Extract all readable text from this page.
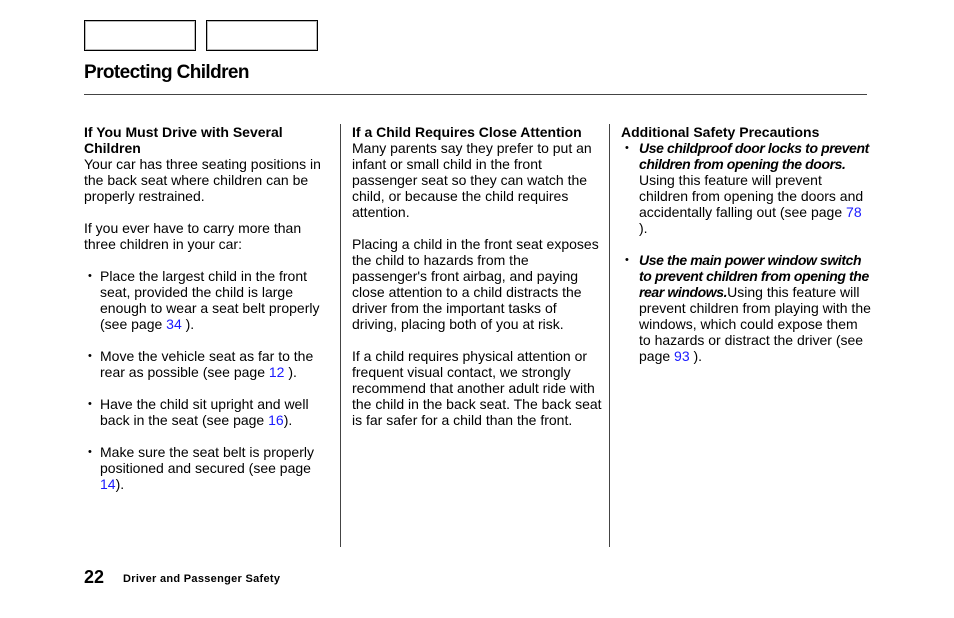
Protecting Children
If You Must Drive with Several Children

Your car has three seating positions in the back seat where children can be properly restrained.

If you ever have to carry more than three children in your car:

• Place the largest child in the front seat, provided the child is large enough to wear a seat belt properly (see page 34 ).
• Move the vehicle seat as far to the rear as possible (see page 12 ).
• Have the child sit upright and well back in the seat (see page 16).
• Make sure the seat belt is properly positioned and secured (see page 14).
If a Child Requires Close Attention

Many parents say they prefer to put an infant or small child in the front passenger seat so they can watch the child, or because the child requires attention.

Placing a child in the front seat exposes the child to hazards from the passenger's front airbag, and paying close attention to a child distracts the driver from the important tasks of driving, placing both of you at risk.

If a child requires physical attention or frequent visual contact, we strongly recommend that another adult ride with the child in the back seat. The back seat is far safer for a child than the front.

Additional Safety Precautions
• Use childproof door locks to prevent children from opening the doors. Using this feature will prevent children from opening the doors and accidentally falling out (see page 78 ).
• Use the main power window switch to prevent children from opening the rear windows.Using this feature will prevent children from playing with the windows, which could expose them to hazards or distract the driver (see page 93 ).
22 Driver and Passenger Safety
